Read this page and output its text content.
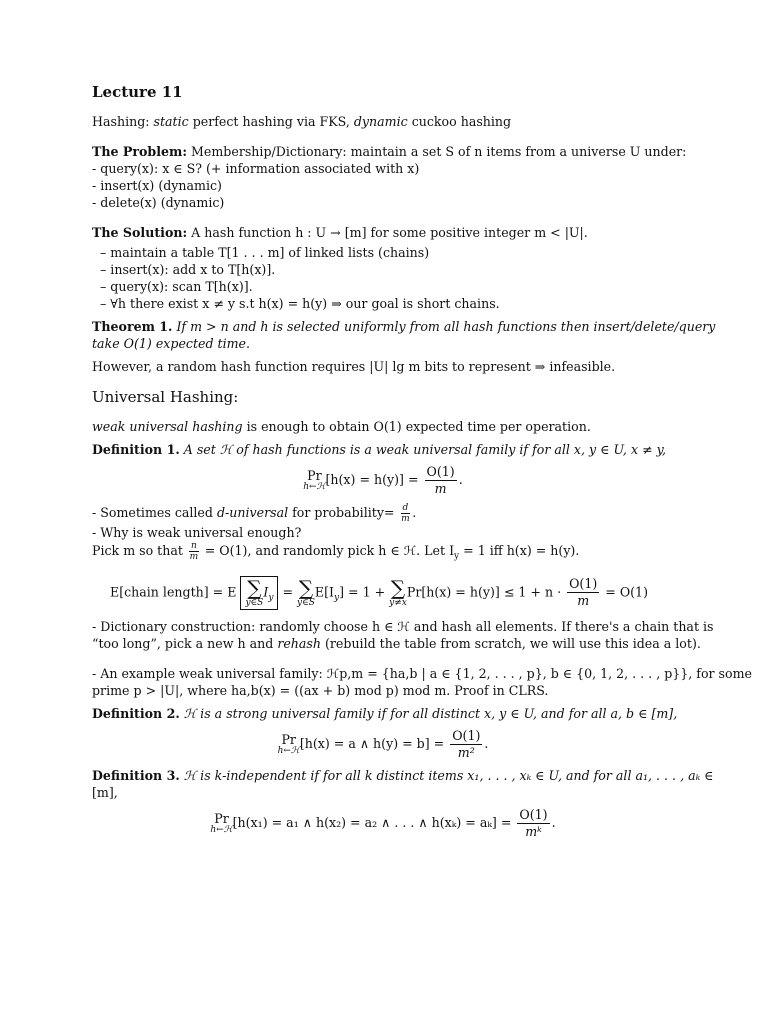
Lecture 11
Hashing: static perfect hashing via FKS, dynamic cuckoo hashing
The Problem: Membership/Dictionary: maintain a set S of n items from a universe U under:
- query(x): x ∈ S? (+ information associated with x)
- insert(x) (dynamic)
- delete(x) (dynamic)
The Solution: A hash function h : U → [m] for some positive integer m < |U|.
– maintain a table T[1 . . . m] of linked lists (chains)
– insert(x): add x to T[h(x)].
– query(x): scan T[h(x)].
– ∀h there exist x ≠ y s.t h(x) = h(y) ⇒ our goal is short chains.
Theorem 1. If m > n and h is selected uniformly from all hash functions then insert/delete/query
take O(1) expected time.
However, a random hash function requires |U| lg m bits to represent ⇒ infeasible.
Universal Hashing:
weak universal hashing is enough to obtain O(1) expected time per operation.
Definition 1. A set ℋ of hash functions is a weak universal family if for all x, y ∈ U, x ≠ y,
Pr
h←ℋ $[h(x) = h(y)] = \frac{O(1)}{m}$ .
- Sometimes called d-universal for probability= $\frac{d}{m}$ .
- Why is weak universal enough?
Pick m so that $\frac{n}{m} = O(1)$, and randomly pick h ∈ ℋ. Let $I_y = 1$ iff h(x) = h(y).
E[chain length] = E ∑
y∈S
$I_y$ = ∑
y∈S
$E[I_y] = 1$ + ∑
y≠x
$Pr[h(x) = h(y)] \le 1 + n \cdot \frac{O(1)}{m} = O(1)$
- Dictionary construction: randomly choose h ∈ ℋ and hash all elements. If there's a chain that is
“too long”, pick a new h and rehash (rebuild the table from scratch, we will use this idea a lot).
- An example weak universal family: ℋp,m = {ha,b | a ∈ {1, 2, . . . , p}, b ∈ {0, 1, 2, . . . , p}}, for some
prime p > |U|, where ha,b(x) = ((ax + b) mod p) mod m. Proof in CLRS.
Definition 2. ℋ is a strong universal family if for all distinct x, y ∈ U, and for all a, b ∈ [m],
Pr
h←ℋ [h(x) = a ∧ $h(y) = b] = \frac{O(1)}{\text{m²}}$ .
Definition 3. ℋ is k-independent if for all k distinct items x₁, . . . , xₖ ∈ U, and for all a₁, . . . , aₖ ∈
[m],
Pr
h←ℋ [h(x₁) = a₁ ∧ h(x₂) = a₂ ∧ . . . ∧ $h(x_k) = a_k] = \frac{O(1)}{\text{mᵏ}}$ .
